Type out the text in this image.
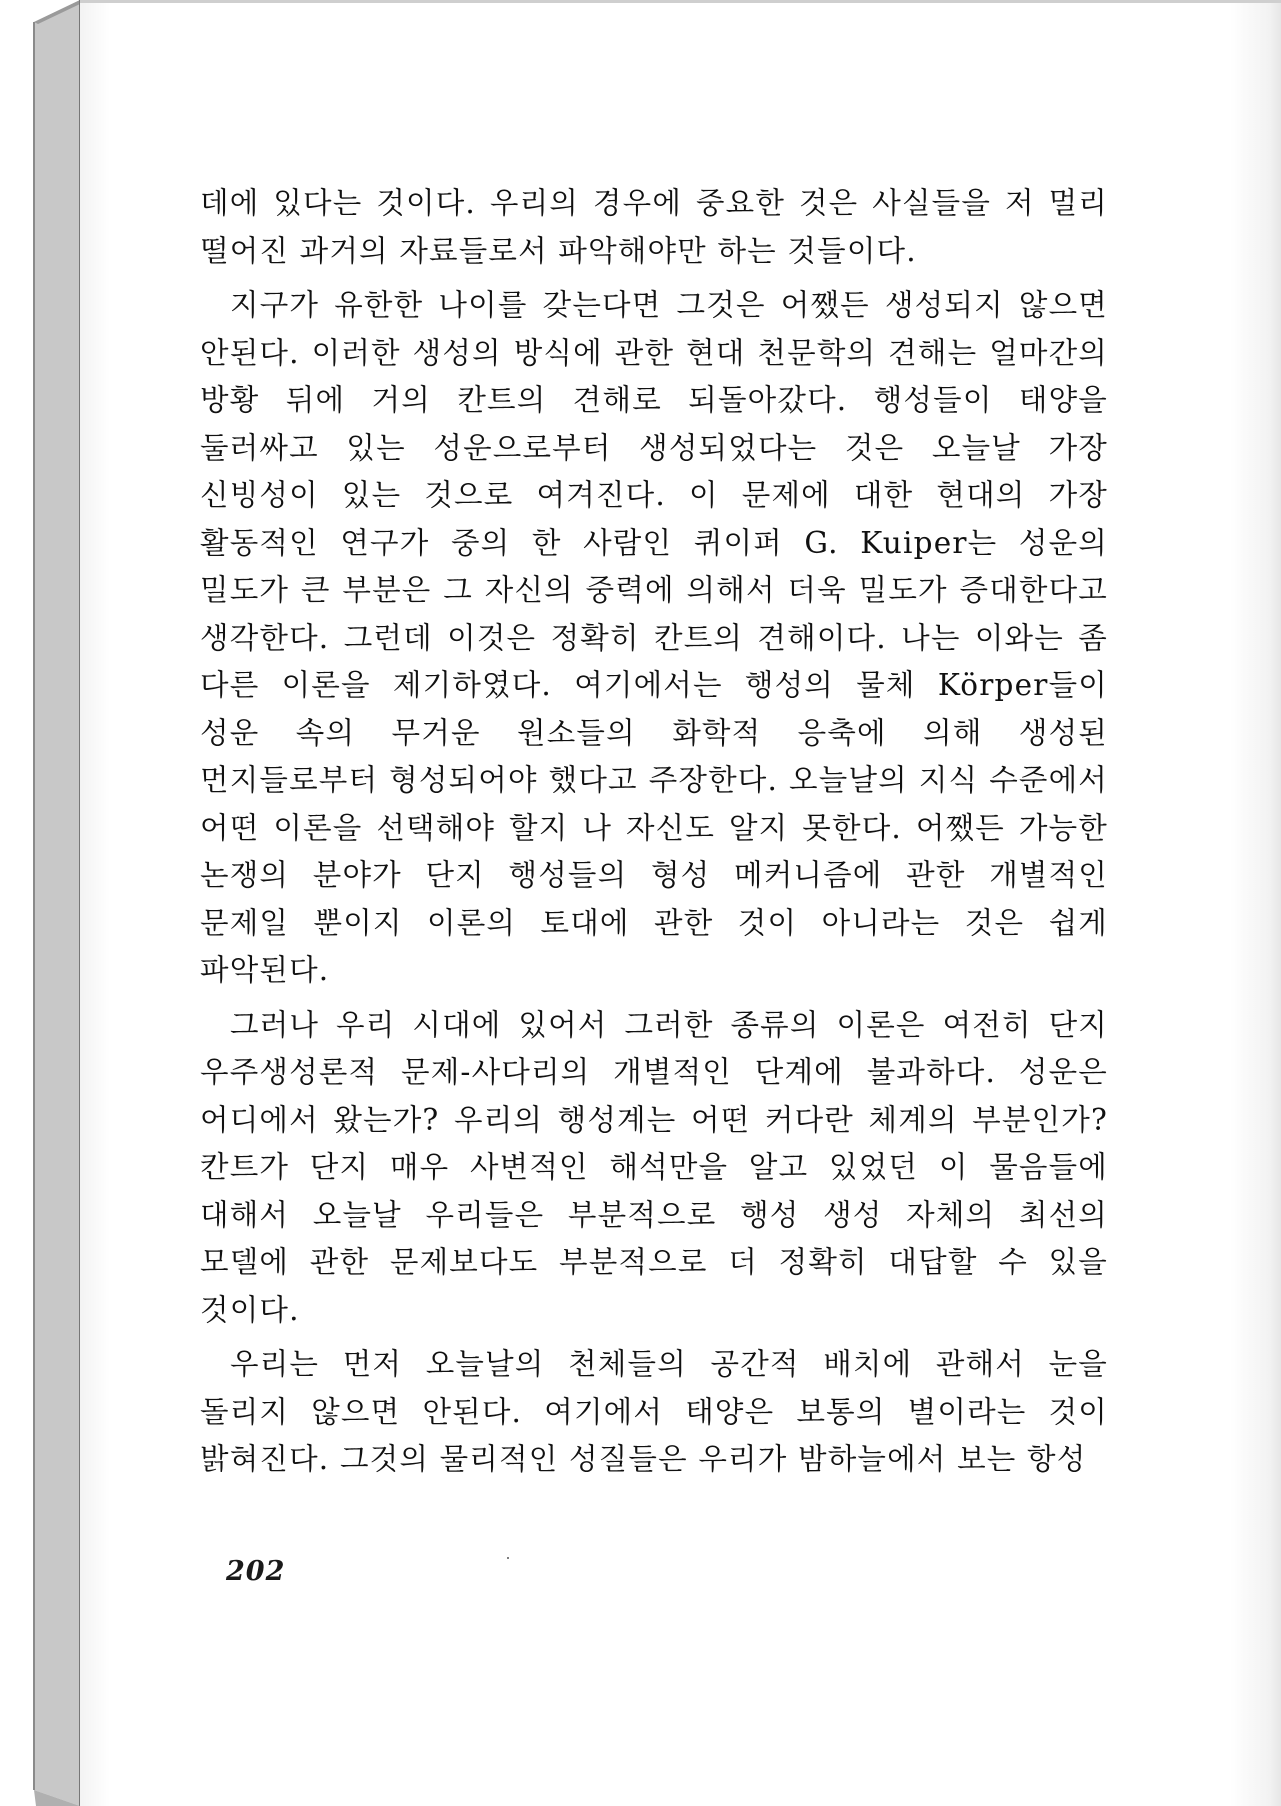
데에 있다는 것이다. 우리의 경우에 중요한 것은 사실들을 저 멀리 떨어진 과거의 자료들로서 파악해야만 하는 것들이다.

지구가 유한한 나이를 갖는다면 그것은 어쨌든 생성되지 않으면 안된다. 이러한 생성의 방식에 관한 현대 천문학의 견해는 얼마간의 방황 뒤에 거의 칸트의 견해로 되돌아갔다. 행성들이 태양을 둘러싸고 있는 성운으로부터 생성되었다는 것은 오늘날 가장 신빙성이 있는 것으로 여겨진다. 이 문제에 대한 현대의 가장 활동적인 연구가 중의 한 사람인 퀴이퍼 G. Kuiper는 성운의 밀도가 큰 부분은 그 자신의 중력에 의해서 더욱 밀도가 증대한다고 생각한다. 그런데 이것은 정확히 칸트의 견해이다. 나는 이와는 좀 다른 이론을 제기하였다. 여기에서는 행성의 물체 Körper들이 성운 속의 무거운 원소들의 화학적 응축에 의해 생성된 먼지들로부터 형성되어야 했다고 주장한다. 오늘날의 지식 수준에서 어떤 이론을 선택해야 할지 나 자신도 알지 못한다. 어쨌든 가능한 논쟁의 분야가 단지 행성들의 형성 메커니즘에 관한 개별적인 문제일 뿐이지 이론의 토대에 관한 것이 아니라는 것은 쉽게 파악된다.

그러나 우리 시대에 있어서 그러한 종류의 이론은 여전히 단지 우주생성론적 문제-사다리의 개별적인 단계에 불과하다. 성운은 어디에서 왔는가? 우리의 행성계는 어떤 커다란 체계의 부분인가? 칸트가 단지 매우 사변적인 해석만을 알고 있었던 이 물음들에 대해서 오늘날 우리들은 부분적으로 행성 생성 자체의 최선의 모델에 관한 문제보다도 부분적으로 더 정확히 대답할 수 있을 것이다.

우리는 먼저 오늘날의 천체들의 공간적 배치에 관해서 눈을 돌리지 않으면 안된다. 여기에서 태양은 보통의 별이라는 것이 밝혀진다. 그것의 물리적인 성질들은 우리가 밤하늘에서 보는 항성

202
